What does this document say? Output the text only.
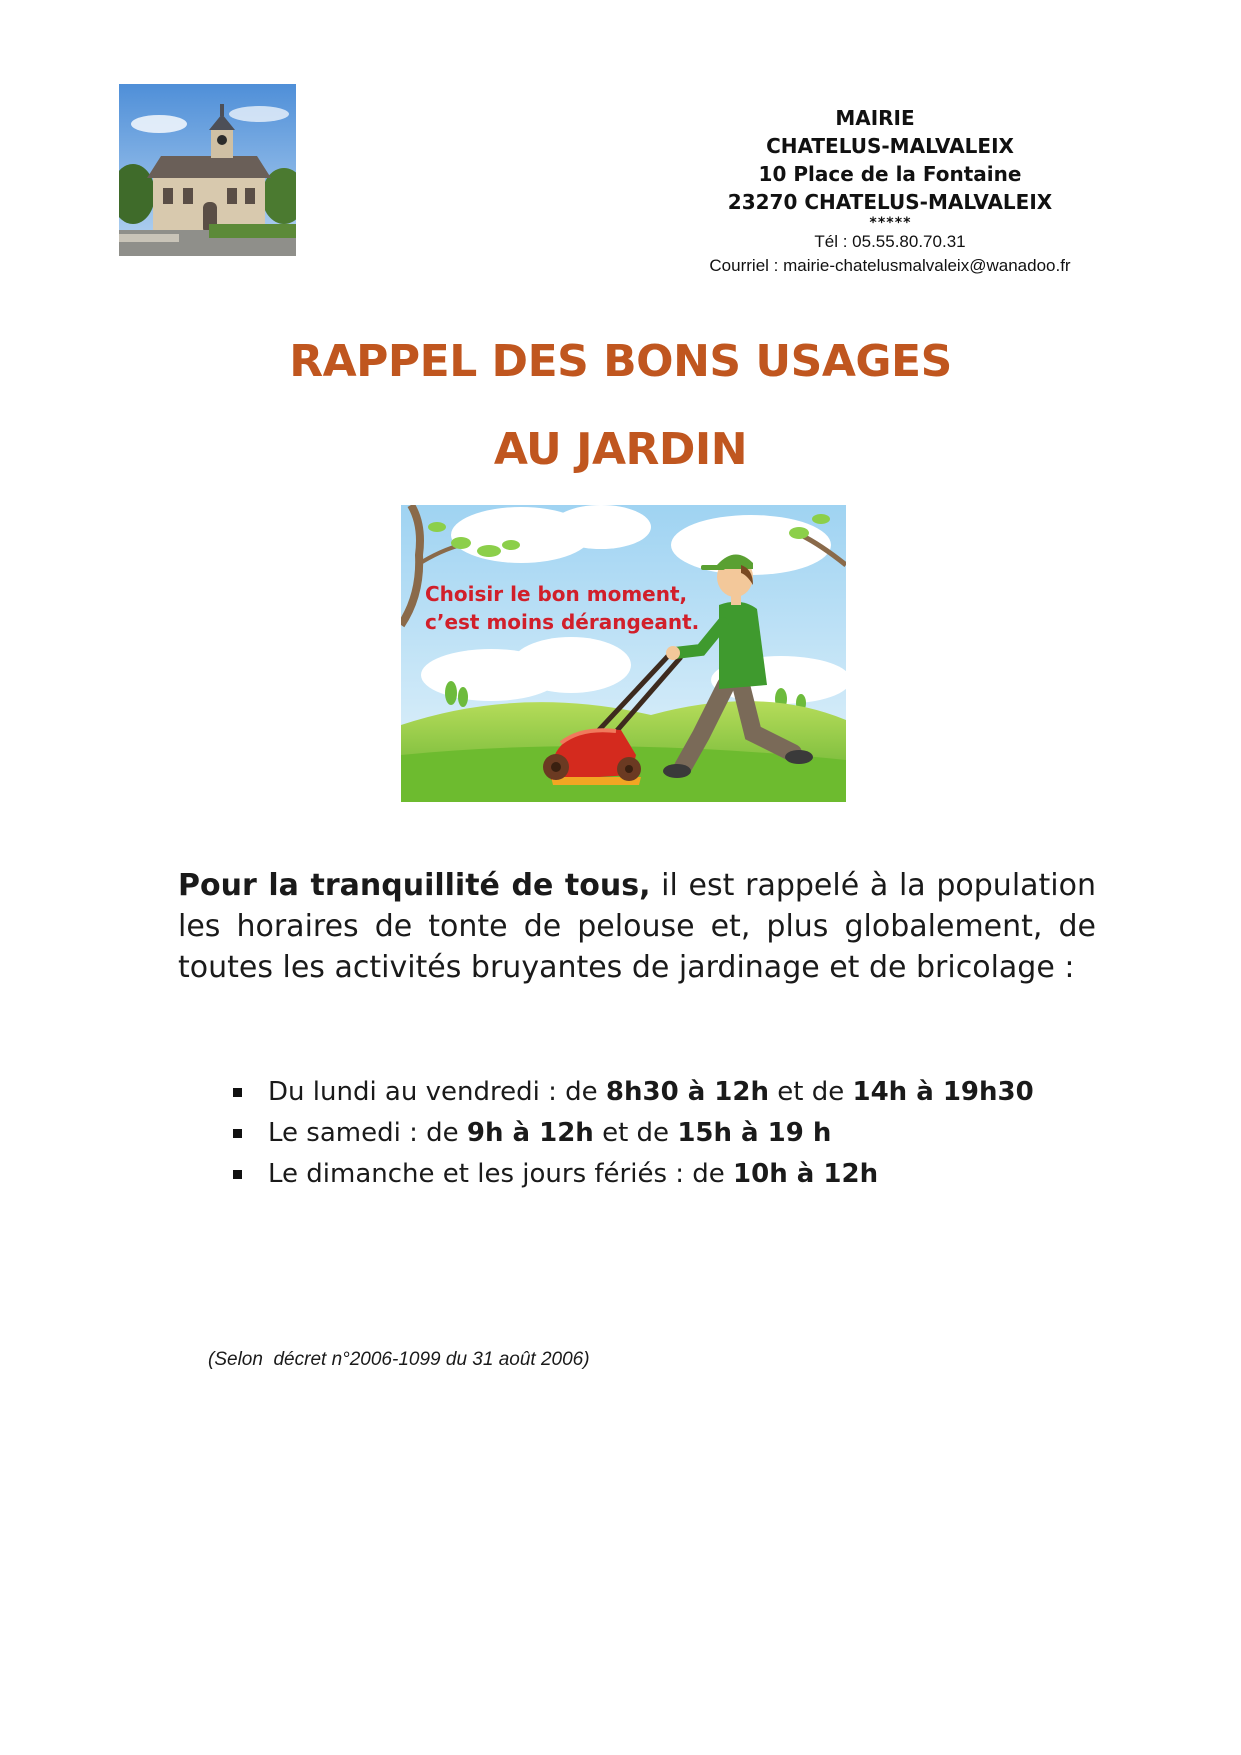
MAIRIE
CHATELUS-MALVALEIX
10 Place de la Fontaine
23270 CHATELUS-MALVALEIX
*****
Tél : 05.55.80.70.31
Courriel : mairie-chatelusmalvaleix@wanadoo.fr
RAPPEL DES BONS USAGES
AU JARDIN
Choisir le bon moment,
c’est moins dérangeant.
Pour la tranquillité de tous, il est rappelé à la population les horaires de tonte de pelouse et, plus globalement, de toutes les activités bruyantes de jardinage et de bricolage :
Du lundi au vendredi : de 8h30 à 12h et de 14h à 19h30
Le samedi : de 9h à 12h et de 15h à 19 h
Le dimanche et les jours fériés : de 10h à 12h
(Selon  décret n°2006-1099 du 31 août 2006)
